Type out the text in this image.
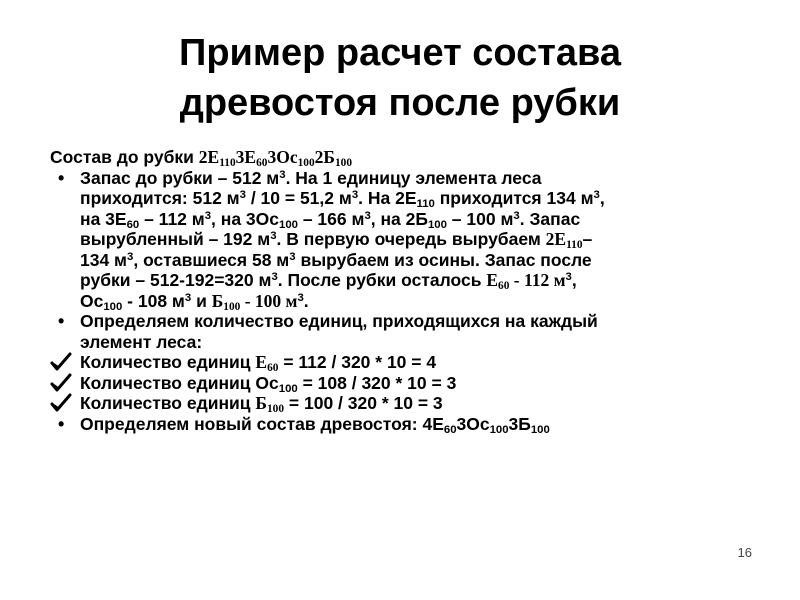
Пример расчет состава
древостоя после рубки
Состав до рубки $2Е_{110}3Е_{60}3Ос_{100}2Б_{100}$
• Запас до рубки – 512 $м^3$. На 1 единицу элемента леса
приходится: 512 $м^3 / 10 = 51,2$ $м^3$. На $2Е_{110}$ приходится 134 $м^3$,
на $3Е_{60} - 112$ $м^3$, на $3Ос_{100} - 166$ $м^3$, на $2Б_{100} - 100$ $м^3$. Запас
вырубленный – 192 $м^3$. В первую очередь вырубаем $2Е_{110}-$
134 $м^3$, оставшиеся 58 $м^3$ вырубаем из осины. Запас после
рубки – 512-192=320 $м^3$. После рубки осталось $Е_{60} - 112$ $м^3$,
$Ос_{100} - 108$ $м^3$ и $Б_{100} - 100$ $м^3$.
• Определяем количество единиц, приходящихся на каждый
элемент леса:
Количество единиц $Е_{60} = 112 / 320 * 10 = 4$
Количество единиц $Ос_{100} = 108 / 320 * 10 = 3$
Количество единиц $Б_{100} = 100 / 320 * 10 = 3$
• Определяем новый состав древостоя: $4Е_{60}3Ос_{100}3Б_{100}$
16
